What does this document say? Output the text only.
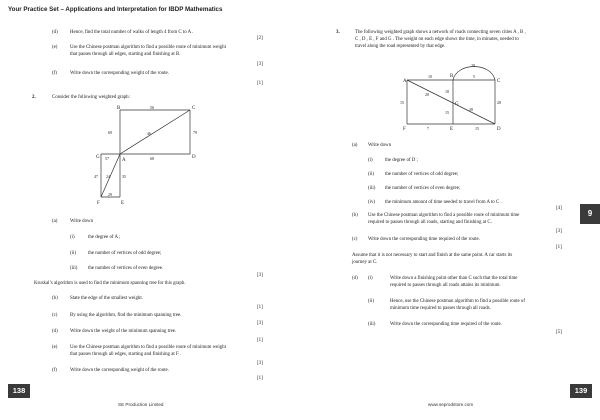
Your Practice Set – Applications and Interpretation for IBDP Mathematics
(d)	Hence, find the total number of walks of length 4 from C to A .
[2]
(e)	Use the Chinese postman algorithm to find a possible route of minimum weight
that passes through all edges, starting and finishing at B.
[3]
(f)	Write down the corresponding weight of the route.
[1]
2.	Consider the following weighted graph:
B	C
G
A
D
F	E
56
69	46	79
57	68
47 24	35
29
(a)	Write down
(i)	the degree of A ;
(ii) the number of vertices of odd degree;
(iii) the number of vertices of even degree.
[3]
Kruskal’s algorithm is used to find the minimum spanning tree for this graph.
(b)	State the edge of the smallest weight.
[1]
(c)	By using the algorithm, find the minimum spanning tree.
[3]
(d)	Write down the weight of the minimum spanning tree.
[1]
(e)	Use the Chinese postman algorithm to find a possible route of minimum weight
that passes through all edges, starting and finishing at F .
[3]
(f)	Write down the corresponding weight of the route.
[1]
138
SE Production Limited
3.	The following weighted graph shows a network of roads connecting seven cities A , B ,
C , D , E , F and G . The weight on each edge shows the time, in minutes, needed to
travel along the road represented by that edge.
A
B
C
G
F	E	D
28
10	5
18
20
15
28
15
28
7	15
(a) Write down
(i)	the degree of D ;
(ii) the number of vertices of odd degree;
(iii) the number of vertices of even degree;
(iv) the minimum amount of time needed to travel from A to C .
[4]
(b) Use the Chinese postman algorithm to find a possible route of minimum time
required to passes through all roads, starting and finishing at C.
[3]
(c) Write down the corresponding time required of the route.
[1]
Assume that it is not necessary to start and finish at the same point. A car starts its
journey at C.
(d) (i)	Write down a finishing point other than C such that the total time
required to passes through all roads attains its minimum.
(ii)	Hence, use the Chinese postman algorithm to find a possible route of
minimum time required to passes through all roads.
(iii)	Write down the corresponding time required of the route.
[5]
9
139
www.seprodstore.com
